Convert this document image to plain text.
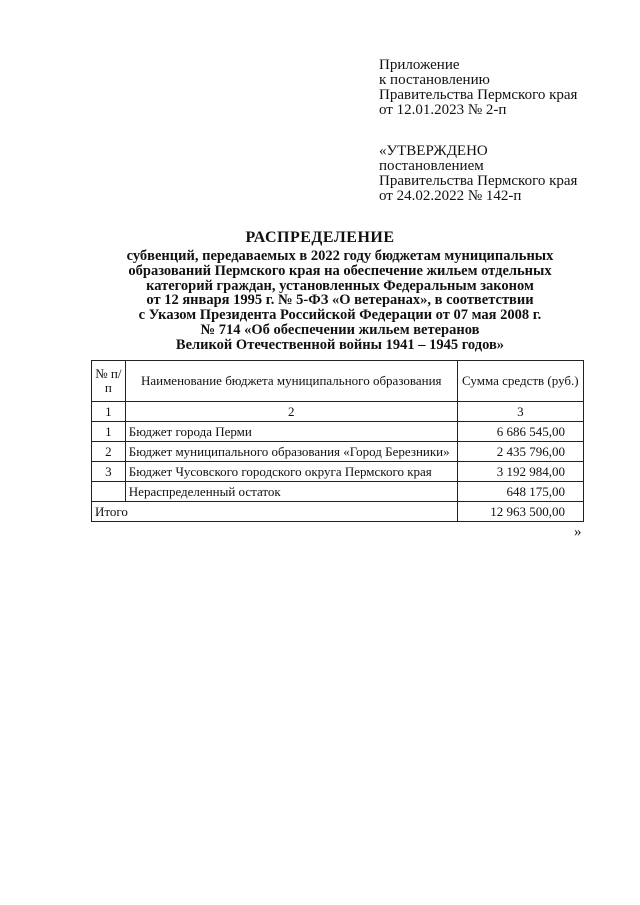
Приложение
к постановлению
Правительства Пермского края
от 12.01.2023 № 2-п
«УТВЕРЖДЕНО
постановлением
Правительства Пермского края
от 24.02.2022 № 142-п
РАСПРЕДЕЛЕНИЕ
субвенций, передаваемых в 2022 году бюджетам муниципальных
образований Пермского края на обеспечение жильем отдельных
категорий граждан, установленных Федеральным законом
от 12 января 1995 г. № 5-ФЗ «О ветеранах», в соответствии
с Указом Президента Российской Федерации от 07 мая 2008 г.
№ 714 «Об обеспечении жильем ветеранов
Великой Отечественной войны 1941 – 1945 годов»
№ п/п	Наименование бюджета муниципального образования	Сумма средств (руб.)
1	2	3
1	Бюджет города Перми	6 686 545,00
2	Бюджет муниципального образования «Город Березники»	2 435 796,00
3	Бюджет Чусовского городского округа Пермского края	3 192 984,00
	Нераспределенный остаток	648 175,00
Итого		12 963 500,00
»
